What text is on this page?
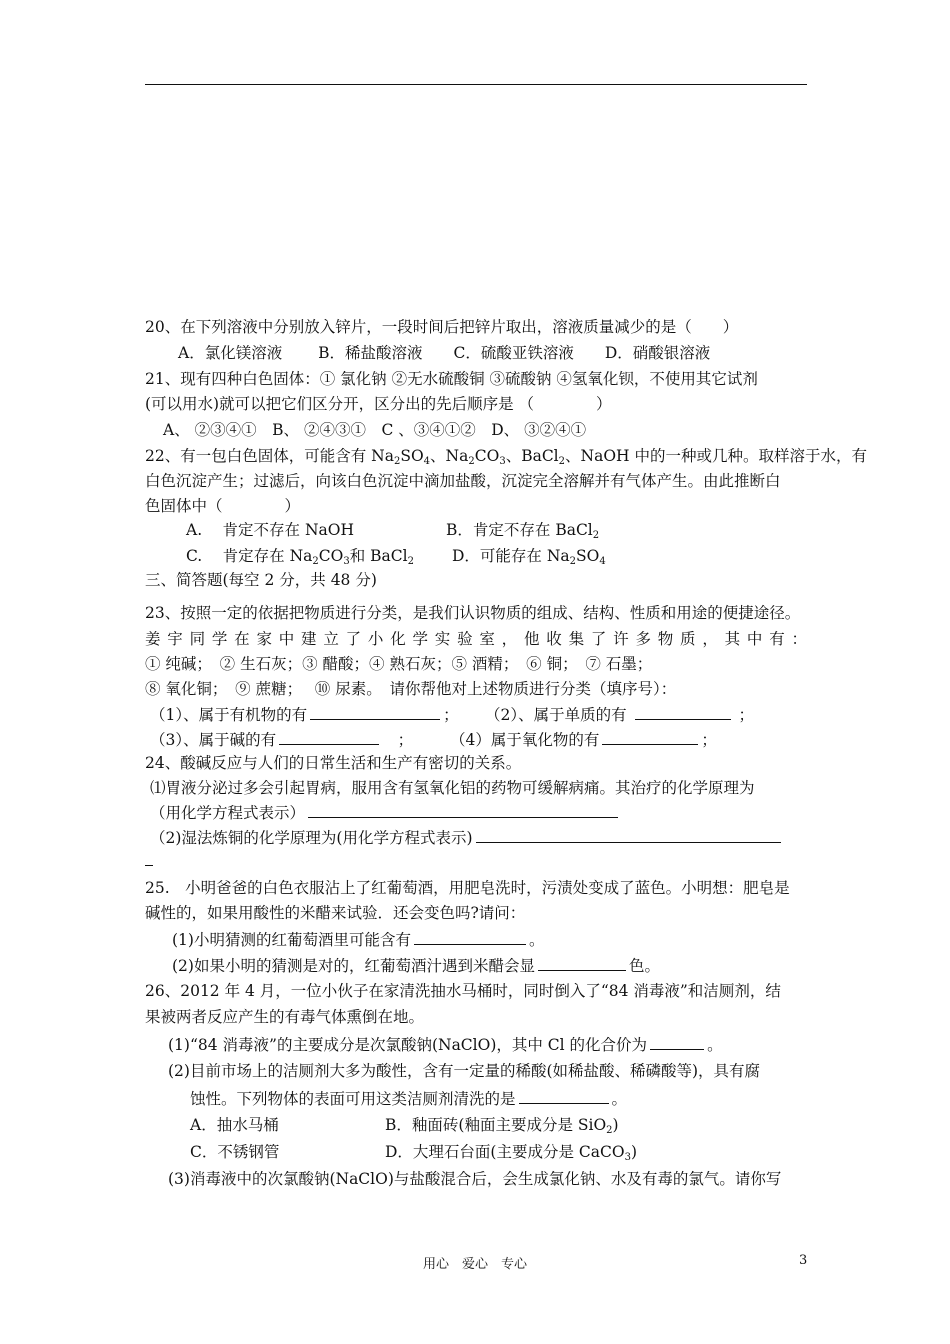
20、在下列溶液中分别放入锌片，一段时间后把锌片取出，溶液质量减少的是（　　）
A．氯化镁溶液　　 B．稀盐酸溶液　　C．硫酸亚铁溶液　　D．硝酸银溶液
21、现有四种白色固体：① 氯化钠 ②无水硫酸铜 ③硫酸钠 ④氢氧化钡，不使用其它试剂
(可以用水)就可以把它们区分开，区分出的先后顺序是 （　　　　）
A、 ②③④①　B、 ②④③①　C 、③④①②　D、 ③②④①
22、有一包白色固体，可能含有 $Na_2SO_4$、$Na_2CO_3$、BaCl$_2$、NaOH 中的一种或几种。取样溶于水，有
白色沉淀产生；过滤后，向该白色沉淀中滴加盐酸，沉淀完全溶解并有气体产生。由此推断白
色固体中（　　　　）
A.　 肯定不存在 NaOH	B．肯定不存在 BaCl$_2$
C.　 肯定存在 $Na_2CO_3$和 BaCl$_2$ D．可能存在 $Na_2SO_4$
三、简答题(每空 2 分，共 48 分)
23、按照一定的依据把物质进行分类，是我们认识物质的组成、结构、性质和用途的便捷途径。
姜 宇 同 学 在 家 中 建 立 了 小 化 学 实 验 室 ， 他 收 集 了 许 多 物 质 ， 其 中 有 ：
① 纯碱；　② 生石灰；③ 醋酸；④ 熟石灰；⑤ 酒精；　⑥ 铜；　⑦ 石墨；
⑧ 氧化铜；　⑨ 蔗糖；　 ⑩ 尿素。　请你帮他对上述物质进行分类（填序号）：
（1）、属于有机物的有	； （2）、属于单质的有	；
（3）、属于碱的有　	； （4）属于氧化物的有	；
24、酸碱反应与人们的日常生活和生产有密切的关系。
⑴胃液分泌过多会引起胃病，服用含有氢氧化铝的药物可缓解病痛。其治疗的化学原理为
（用化学方程式表示）
（2)湿法炼铜的化学原理为(用化学方程式表示)
25.　小明爸爸的白色衣服沾上了红葡萄酒，用肥皂洗时，污渍处变成了蓝色。小明想：肥皂是
碱性的，如果用酸性的米醋来试验．还会变色吗?请问：
(1)小明猜测的红葡萄酒里可能含有	。
(2)如果小明的猜测是对的，红葡萄酒汁遇到米醋会显	色。
26、2012 年 4 月，一位小伙子在家清洗抽水马桶时，同时倒入了“84 消毒液”和洁厕剂，结
果被两者反应产生的有毒气体熏倒在地。
(1)“84 消毒液”的主要成分是次氯酸钠(NaClO)，其中 Cl 的化合价为	。
(2)目前市场上的洁厕剂大多为酸性，含有一定量的稀酸(如稀盐酸、稀磷酸等)，具有腐
蚀性。下列物体的表面可用这类洁厕剂清洗的是	。
A．抽水马桶	B．釉面砖(釉面主要成分是 SiO$_2$)
C．不锈钢管	D．大理石台面(主要成分是 CaCO$_3$)
(3)消毒液中的次氯酸钠(NaClO)与盐酸混合后，会生成氯化钠、水及有毒的氯气。请你写
用心　爱心　专心	3
